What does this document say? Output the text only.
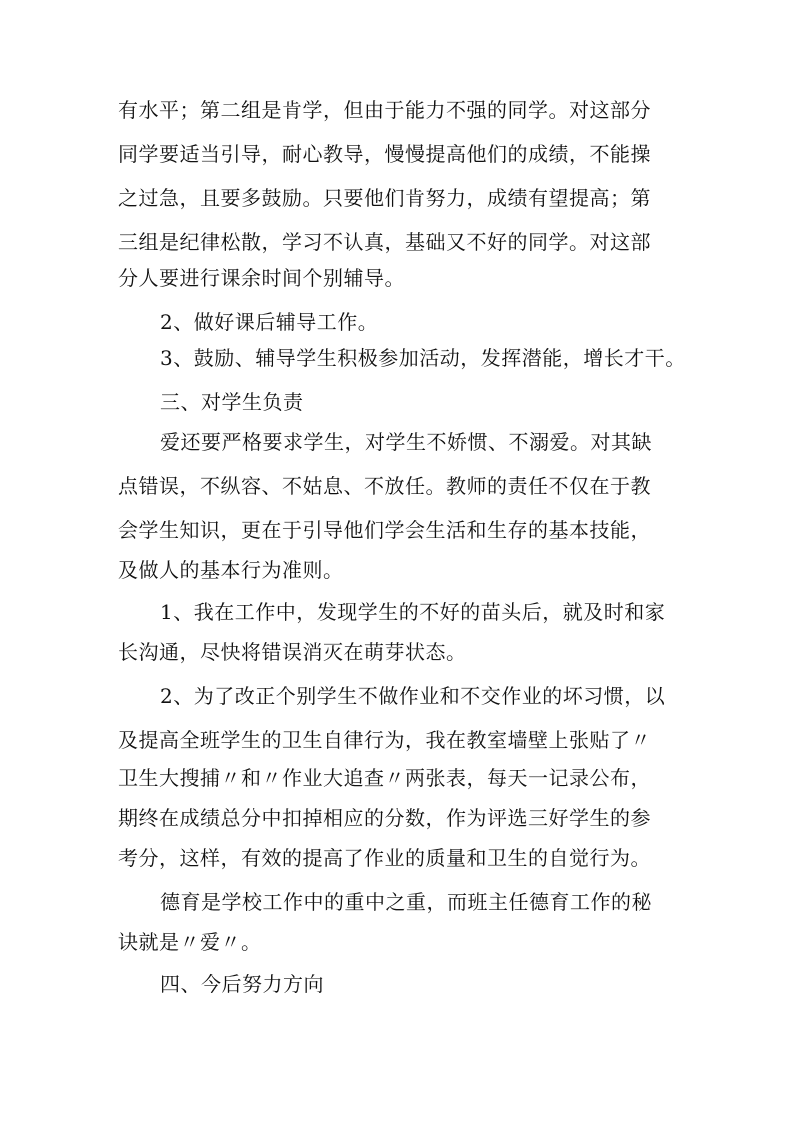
有水平；第二组是肯学，但由于能力不强的同学。对这部分
同学要适当引导，耐心教导，慢慢提高他们的成绩，不能操
之过急，且要多鼓励。只要他们肯努力，成绩有望提高；第
三组是纪律松散，学习不认真，基础又不好的同学。对这部
分人要进行课余时间个别辅导。
2、做好课后辅导工作。
3、鼓励、辅导学生积极参加活动，发挥潜能，增长才干。
三、对学生负责
爱还要严格要求学生，对学生不娇惯、不溺爱。对其缺
点错误，不纵容、不姑息、不放任。教师的责任不仅在于教
会学生知识，更在于引导他们学会生活和生存的基本技能，
及做人的基本行为准则。
1、我在工作中，发现学生的不好的苗头后，就及时和家
长沟通，尽快将错误消灭在萌芽状态。
2、为了改正个别学生不做作业和不交作业的坏习惯，以
及提高全班学生的卫生自律行为，我在教室墙壁上张贴了〃
卫生大搜捕〃和〃作业大追查〃两张表，每天一记录公布，
期终在成绩总分中扣掉相应的分数，作为评选三好学生的参
考分，这样，有效的提高了作业的质量和卫生的自觉行为。
德育是学校工作中的重中之重，而班主任德育工作的秘
诀就是〃爱〃。
四、今后努力方向
